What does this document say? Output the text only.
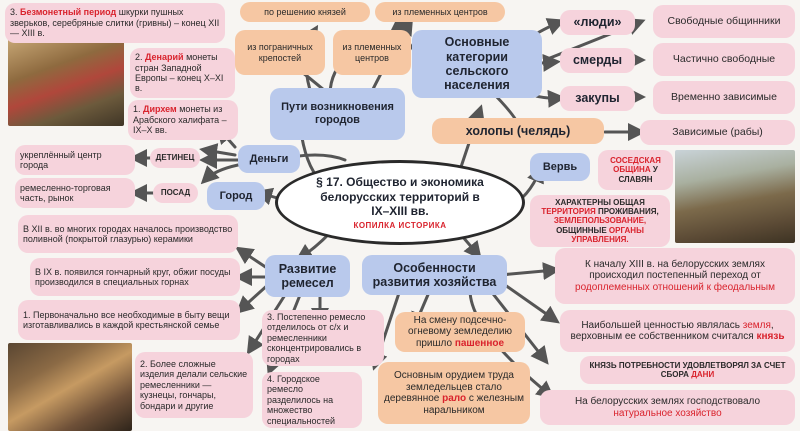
§ 17. Общество и экономика белорусских территорий в IX–XIII вв.
КОПИЛКА ИСТОРИКА
3. Безмонетный период шкурки пушных зверьков, серебряные слитки (гривны) – конец XII — XIII в.
2. Денарий монеты стран Западной Европы – конец X–XI в.
1. Дирхем монеты из Арабского халифата – IX–X вв.
Деньги
по решению князей	из племенных центров
из пограничных крепостей
из племенных центров
Пути возникновения городов
укреплённый центр города
ДЕТИНЕЦ
ремесленно-торговая часть, рынок
ПОСАД	Город
Основные категории сельского населения
«люди»
смерды
закупы
холопы (челядь)
Свободные общинники
Частично свободные
Временно зависимые
Зависимые (рабы)
Вервь	СОСЕДСКАЯ ОБЩИНА У СЛАВЯН
ХАРАКТЕРНЫ ОБЩАЯ ТЕРРИТОРИЯ ПРОЖИВАНИЯ, ЗЕМЛЕПОЛЬЗОВАНИЕ, ОБЩИННЫЕ ОРГАНЫ УПРАВЛЕНИЯ.
Развитие ремесел
В XII в. во многих городах началось производство поливной (покрытой глазурью) керамики
В IX в. появился гончарный круг, обжиг посуды производился в специальных горнах
1. Первоначально все необходимые в быту вещи изготавливались в каждой крестьянской семье
2. Более сложные изделия делали сельские ремесленники — кузнецы, гончары, бондари и другие
3. Постепенно ремесло отделилось от с/х и ремесленники сконцентрировались в городах
4. Городское ремесло разделилось на множество специальностей
Особенности развития хозяйства
К началу XIII в. на белорусских землях происходил постепенный переход от родоплеменных отношений к феодальным
На смену подсечно-огневому земледелию пришло пашенное
Наибольшей ценностью являлась земля, верховным ее собственником считался князь
КНЯЗЬ ПОТРЕБНОСТИ УДОВЛЕТВОРЯЛ ЗА СЧЕТ СБОРА ДАНИ
Основным орудием труда земледельцев стало деревянное рало с железным наральником
На белорусских землях господствовало натуральное хозяйство
